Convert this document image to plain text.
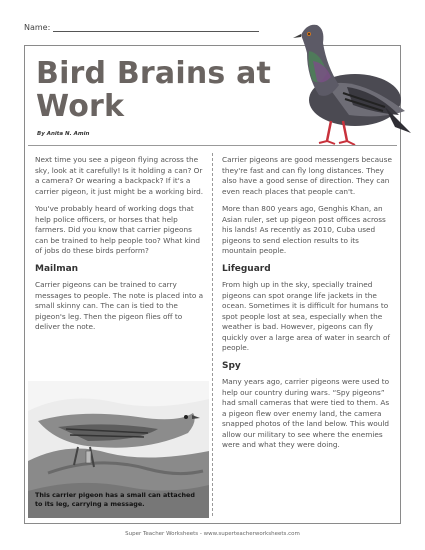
Name:
Bird Brains at
Work
By Anita N. Amin

Next time you see a pigeon flying across the sky, look at it carefully! Is it holding a can? Or a camera? Or wearing a backpack? If it's a carrier pigeon, it just might be a working bird.

You've probably heard of working dogs that help police officers, or horses that help farmers. Did you know that carrier pigeons can be trained to help people too? What kind of jobs do these birds perform?

Mailman

Carrier pigeons can be trained to carry messages to people. The note is placed into a small skinny can. The can is tied to the pigeon's leg. Then the pigeon flies off to deliver the note.

This carrier pigeon has a small can attached to its leg, carrying a message.

Carrier pigeons are good messengers because they're fast and can fly long distances. They also have a good sense of direction. They can even reach places that people can't.

More than 800 years ago, Genghis Khan, an Asian ruler, set up pigeon post offices across his lands! As recently as 2010, Cuba used pigeons to send election results to its mountain people.

Lifeguard

From high up in the sky, specially trained pigeons can spot orange life jackets in the ocean. Sometimes it is difficult for humans to spot people lost at sea, especially when the weather is bad. However, pigeons can fly quickly over a large area of water in search of people.

Spy

Many years ago, carrier pigeons were used to help our country during wars. “Spy pigeons” had small cameras that were tied to them. As a pigeon flew over enemy land, the camera snapped photos of the land below. This would allow our military to see where the enemies were and what they were doing.

Super Teacher Worksheets - www.superteacherworksheets.com
